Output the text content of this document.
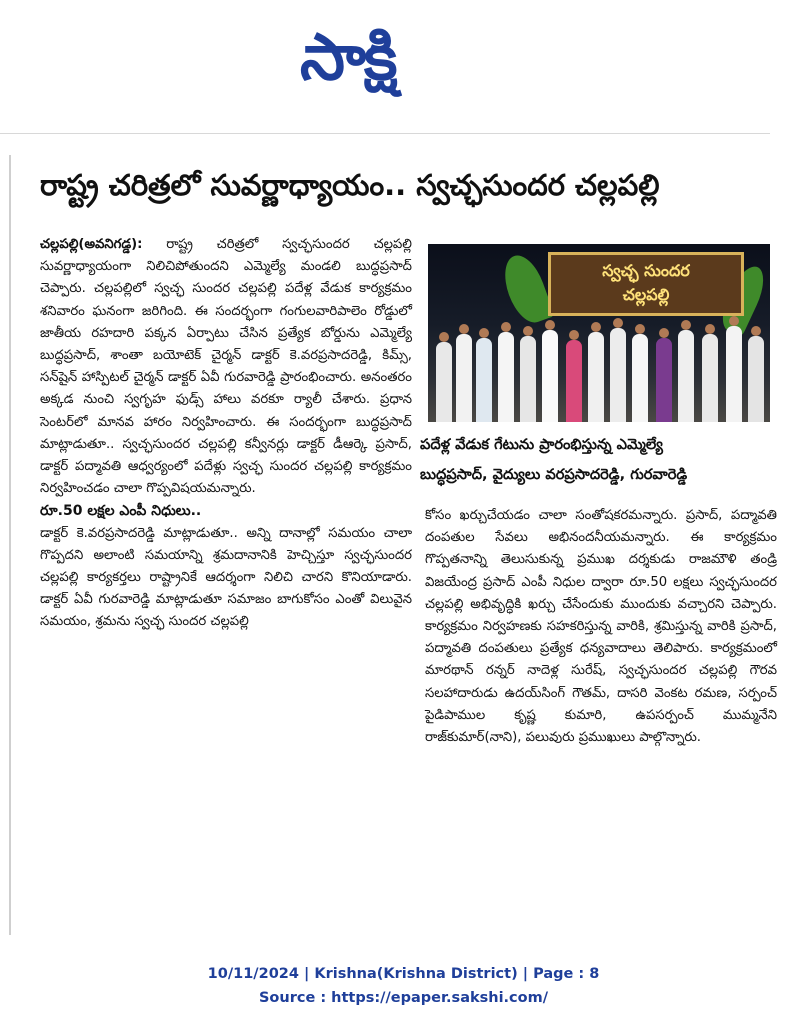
సాక్షి
రాష్ట్ర చరిత్రలో సువర్ణాధ్యాయం.. స్వచ్ఛసుందర చల్లపల్లి

చల్లపల్లి(అవనిగడ్డ): రాష్ట్ర చరిత్రలో స్వచ్ఛసుందర చల్లపల్లి సువర్ణాధ్యాయంగా నిలిచిపోతుందని ఎమ్మెల్యే మండలి బుద్ధప్రసాద్ చెప్పారు. చల్లపల్లిలో స్వచ్ఛ సుందర చల్లపల్లి పదేళ్ల వేడుక కార్యక్రమం శనివారం ఘనంగా జరిగింది. ఈ సందర్భంగా గంగులవారిపాలెం రోడ్డులో జాతీయ రహదారి పక్కన ఏర్పాటు చేసిన ప్రత్యేక బోర్డును ఎమ్మెల్యే బుద్ధప్రసాద్, శాంతా బయోటెక్ చైర్మన్ డాక్టర్ కె.వరప్రసాదరెడ్డి, కిమ్స్, సన్‌షైన్ హాస్పిటల్ చైర్మన్ డాక్టర్ ఏవీ గురవారెడ్డి ప్రారంభించారు. అనంతరం అక్కడ నుంచి స్వగృహ ఫుడ్స్ హాలు వరకూ ర్యాలీ చేశారు. ప్రధాన సెంటర్‌లో మానవ హారం నిర్వహించారు. ఈ సందర్భంగా బుద్ధప్రసాద్ మాట్లాడుతూ.. స్వచ్ఛసుందర చల్లపల్లి కన్వీనర్లు డాక్టర్ డీఆర్కె ప్రసాద్, డాక్టర్ పద్మావతి ఆధ్వర్యంలో పదేళ్లు స్వచ్ఛ సుందర చల్లపల్లి కార్యక్రమం నిర్వహించడం చాలా గొప్పవిషయమన్నారు.

రూ.50 లక్షల ఎంపీ నిధులు..

డాక్టర్ కె.వరప్రసాదరెడ్డి మాట్లాడుతూ.. అన్ని దానాల్లో సమయం చాలా గొప్పదని అలాంటి సమయాన్ని శ్రమదానానికి హెచ్చిస్తూ స్వచ్ఛసుందర చల్లపల్లి కార్యకర్తలు రాష్ట్రానికే ఆదర్శంగా నిలిచి చారని కొనియాడారు. డాక్టర్ ఏవీ గురవారెడ్డి మాట్లాడుతూ సమాజం బాగుకోసం ఎంతో విలువైన సమయం, శ్రమను స్వచ్ఛ సుందర చల్లపల్లి

స్వచ్ఛ సుందర
చల్లపల్లి
పదేళ్ల వేడుక గేటును ప్రారంభిస్తున్న ఎమ్మెల్యే
బుద్ధప్రసాద్, వైద్యులు వరప్రసాదరెడ్డి, గురవారెడ్డి

కోసం ఖర్చుచేయడం చాలా సంతోషకరమన్నారు. ప్రసాద్, పద్మావతి దంపతుల సేవలు అభినందనీయమన్నారు. ఈ కార్యక్రమం గొప్పతనాన్ని తెలుసుకున్న ప్రముఖ దర్శకుడు రాజమౌళి తండ్రి విజయేంద్ర ప్రసాద్ ఎంపీ నిధుల ద్వారా రూ.50 లక్షలు స్వచ్ఛసుందర చల్లపల్లి అభివృద్ధికి ఖర్చు చేసేందుకు ముందుకు వచ్చారని చెప్పారు. కార్యక్రమం నిర్వహణకు సహకరిస్తున్న వారికి, శ్రమిస్తున్న వారికి ప్రసాద్, పద్మావతి దంపతులు ప్రత్యేక ధన్యవాదాలు తెలిపారు. కార్యక్రమంలో మారథాన్ రన్నర్ నాదెళ్ల సురేష్, స్వచ్ఛసుందర చల్లపల్లి గౌరవ సలహాదారుడు ఉదయ్‌సింగ్ గౌతమ్, దాసరి వెంకట రమణ, సర్పంచ్ పైడిపాముల కృష్ణ కుమారి, ఉపసర్పంచ్ ముమ్మనేని రాజ్‌కుమార్(నాని), పలువురు ప్రముఖులు పాల్గొన్నారు.

10/11/2024 | Krishna(Krishna District) | Page : 8
Source : https://epaper.sakshi.com/
